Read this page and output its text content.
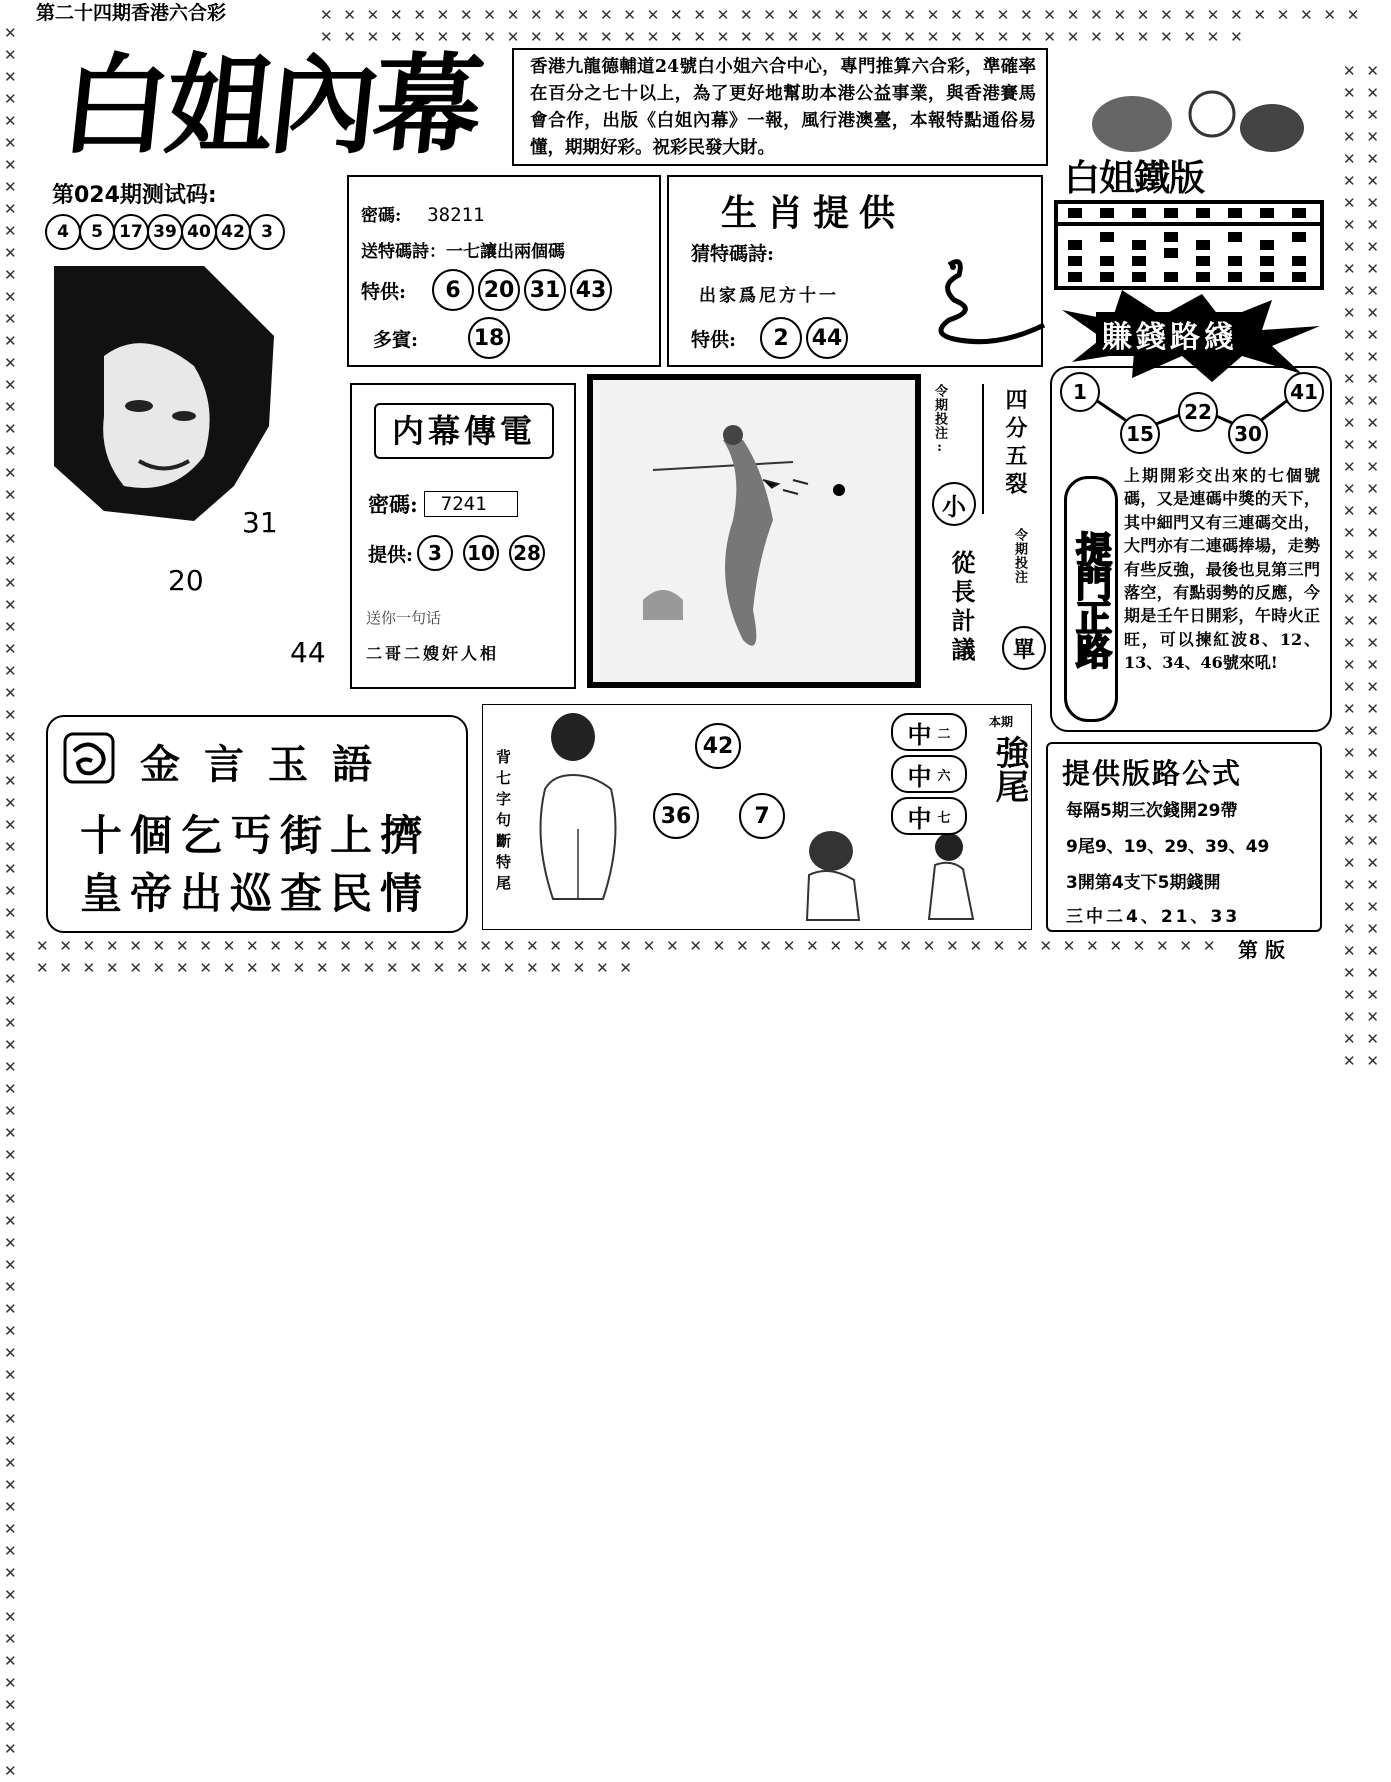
✕ ✕ ✕ ✕ ✕ ✕ ✕ ✕ ✕ ✕ ✕ ✕ ✕ ✕ ✕ ✕ ✕ ✕ ✕ ✕ ✕ ✕ ✕ ✕ ✕ ✕ ✕ ✕ ✕ ✕ ✕ ✕ ✕ ✕ ✕ ✕ ✕ ✕ ✕ ✕ ✕ ✕ ✕ ✕ ✕ ✕ ✕ ✕ ✕ ✕ ✕ ✕ ✕ ✕ ✕ ✕ ✕ ✕ ✕ ✕ ✕ ✕ ✕ ✕ ✕ ✕ ✕ ✕ ✕ ✕ ✕ ✕ ✕ ✕ ✕ ✕ ✕ ✕ ✕ ✕
✕ ✕ ✕ ✕ ✕ ✕ ✕ ✕ ✕ ✕ ✕ ✕ ✕ ✕ ✕ ✕ ✕ ✕ ✕ ✕ ✕ ✕ ✕ ✕ ✕ ✕ ✕ ✕ ✕ ✕ ✕ ✕ ✕ ✕ ✕ ✕ ✕ ✕ ✕ ✕ ✕ ✕ ✕ ✕ ✕ ✕ ✕ ✕ ✕ ✕ ✕ ✕ ✕ ✕ ✕ ✕ ✕ ✕ ✕ ✕ ✕ ✕ ✕ ✕ ✕ ✕ ✕ ✕ ✕ ✕ ✕ ✕ ✕ ✕ ✕ ✕ ✕ ✕ ✕ ✕ ✕ ✕ ✕ ✕ ✕ ✕ ✕ ✕ ✕ ✕ ✕ ✕
✕ ✕ ✕ ✕ ✕ ✕ ✕ ✕ ✕ ✕ ✕ ✕ ✕ ✕ ✕ ✕ ✕ ✕ ✕ ✕ ✕ ✕ ✕ ✕ ✕ ✕ ✕ ✕ ✕ ✕ ✕ ✕ ✕ ✕ ✕ ✕ ✕ ✕ ✕ ✕ ✕ ✕ ✕ ✕ ✕ ✕ ✕ ✕ ✕ ✕ ✕ ✕ ✕ ✕ ✕ ✕ ✕ ✕ ✕ ✕ ✕ ✕ ✕ ✕ ✕ ✕ ✕ ✕ ✕ ✕ ✕ ✕ ✕ ✕ ✕ ✕ ✕ ✕ ✕ ✕ ✕ ✕ ✕ ✕ ✕
✕ ✕ ✕ ✕ ✕ ✕ ✕ ✕ ✕ ✕ ✕ ✕ ✕ ✕ ✕ ✕ ✕ ✕ ✕ ✕ ✕ ✕ ✕ ✕ ✕ ✕ ✕ ✕ ✕ ✕ ✕ ✕ ✕ ✕ ✕ ✕ ✕ ✕ ✕ ✕ ✕ ✕ ✕ ✕ ✕ ✕ ✕ ✕ ✕ ✕ ✕ ✕ ✕ ✕ ✕ ✕ ✕ ✕ ✕ ✕ ✕ ✕ ✕ ✕ ✕ ✕ ✕ ✕ ✕ ✕ ✕ ✕ ✕ ✕ ✕ ✕ ✕
第二十四期香港六合彩
白姐內幕	香港九龍德輔道24號白小姐六合中心，專門推算六合彩，準確率在百分之七十以上，為了更好地幫助本港公益事業，與香港賽馬會合作，出版《白姐內幕》一報，風行港澳臺，本報特點通俗易懂，期期好彩。祝彩民發大財。
第024期测试码:
4	5 17 39 40 42 3
31
20
44
密碼: 38211
送特碼詩：一七讓出兩個碼
特供:	6	20 31 43
多賓:	18
生肖提供
猜特碼詩:
出家爲尼方十一
特供:	2	44
内幕傳電
密碼:	7241
提供: 3	10 28
送你一句话
二哥二嫂奸人相
令期投注:
小
四分五裂
令期投注
從長計議	單
金言玉語
十個乞丐街上擠
皇帝出巡查民情	背七字句斷特尾
42
36	7
中 二
中 六
中 七
本期
強尾
白姐鐵版
賺錢路綫
1
15
22
30
41
提門正路
上期開彩交出來的七個號碼，又是連碼中獎的天下，其中細門又有三連碼交出，大門亦有二連碼捧場，走勢有些反強，最後也見第三門落空，有點弱勢的反應，今期是壬午日開彩，午時火正旺，可以揀紅波8、12、13、34、46號來吼!
提供版路公式
每隔5期三次錢開29帶
9尾9、19、29、39、49
3開第4支下5期錢開
三中二4、21、33
第 版
